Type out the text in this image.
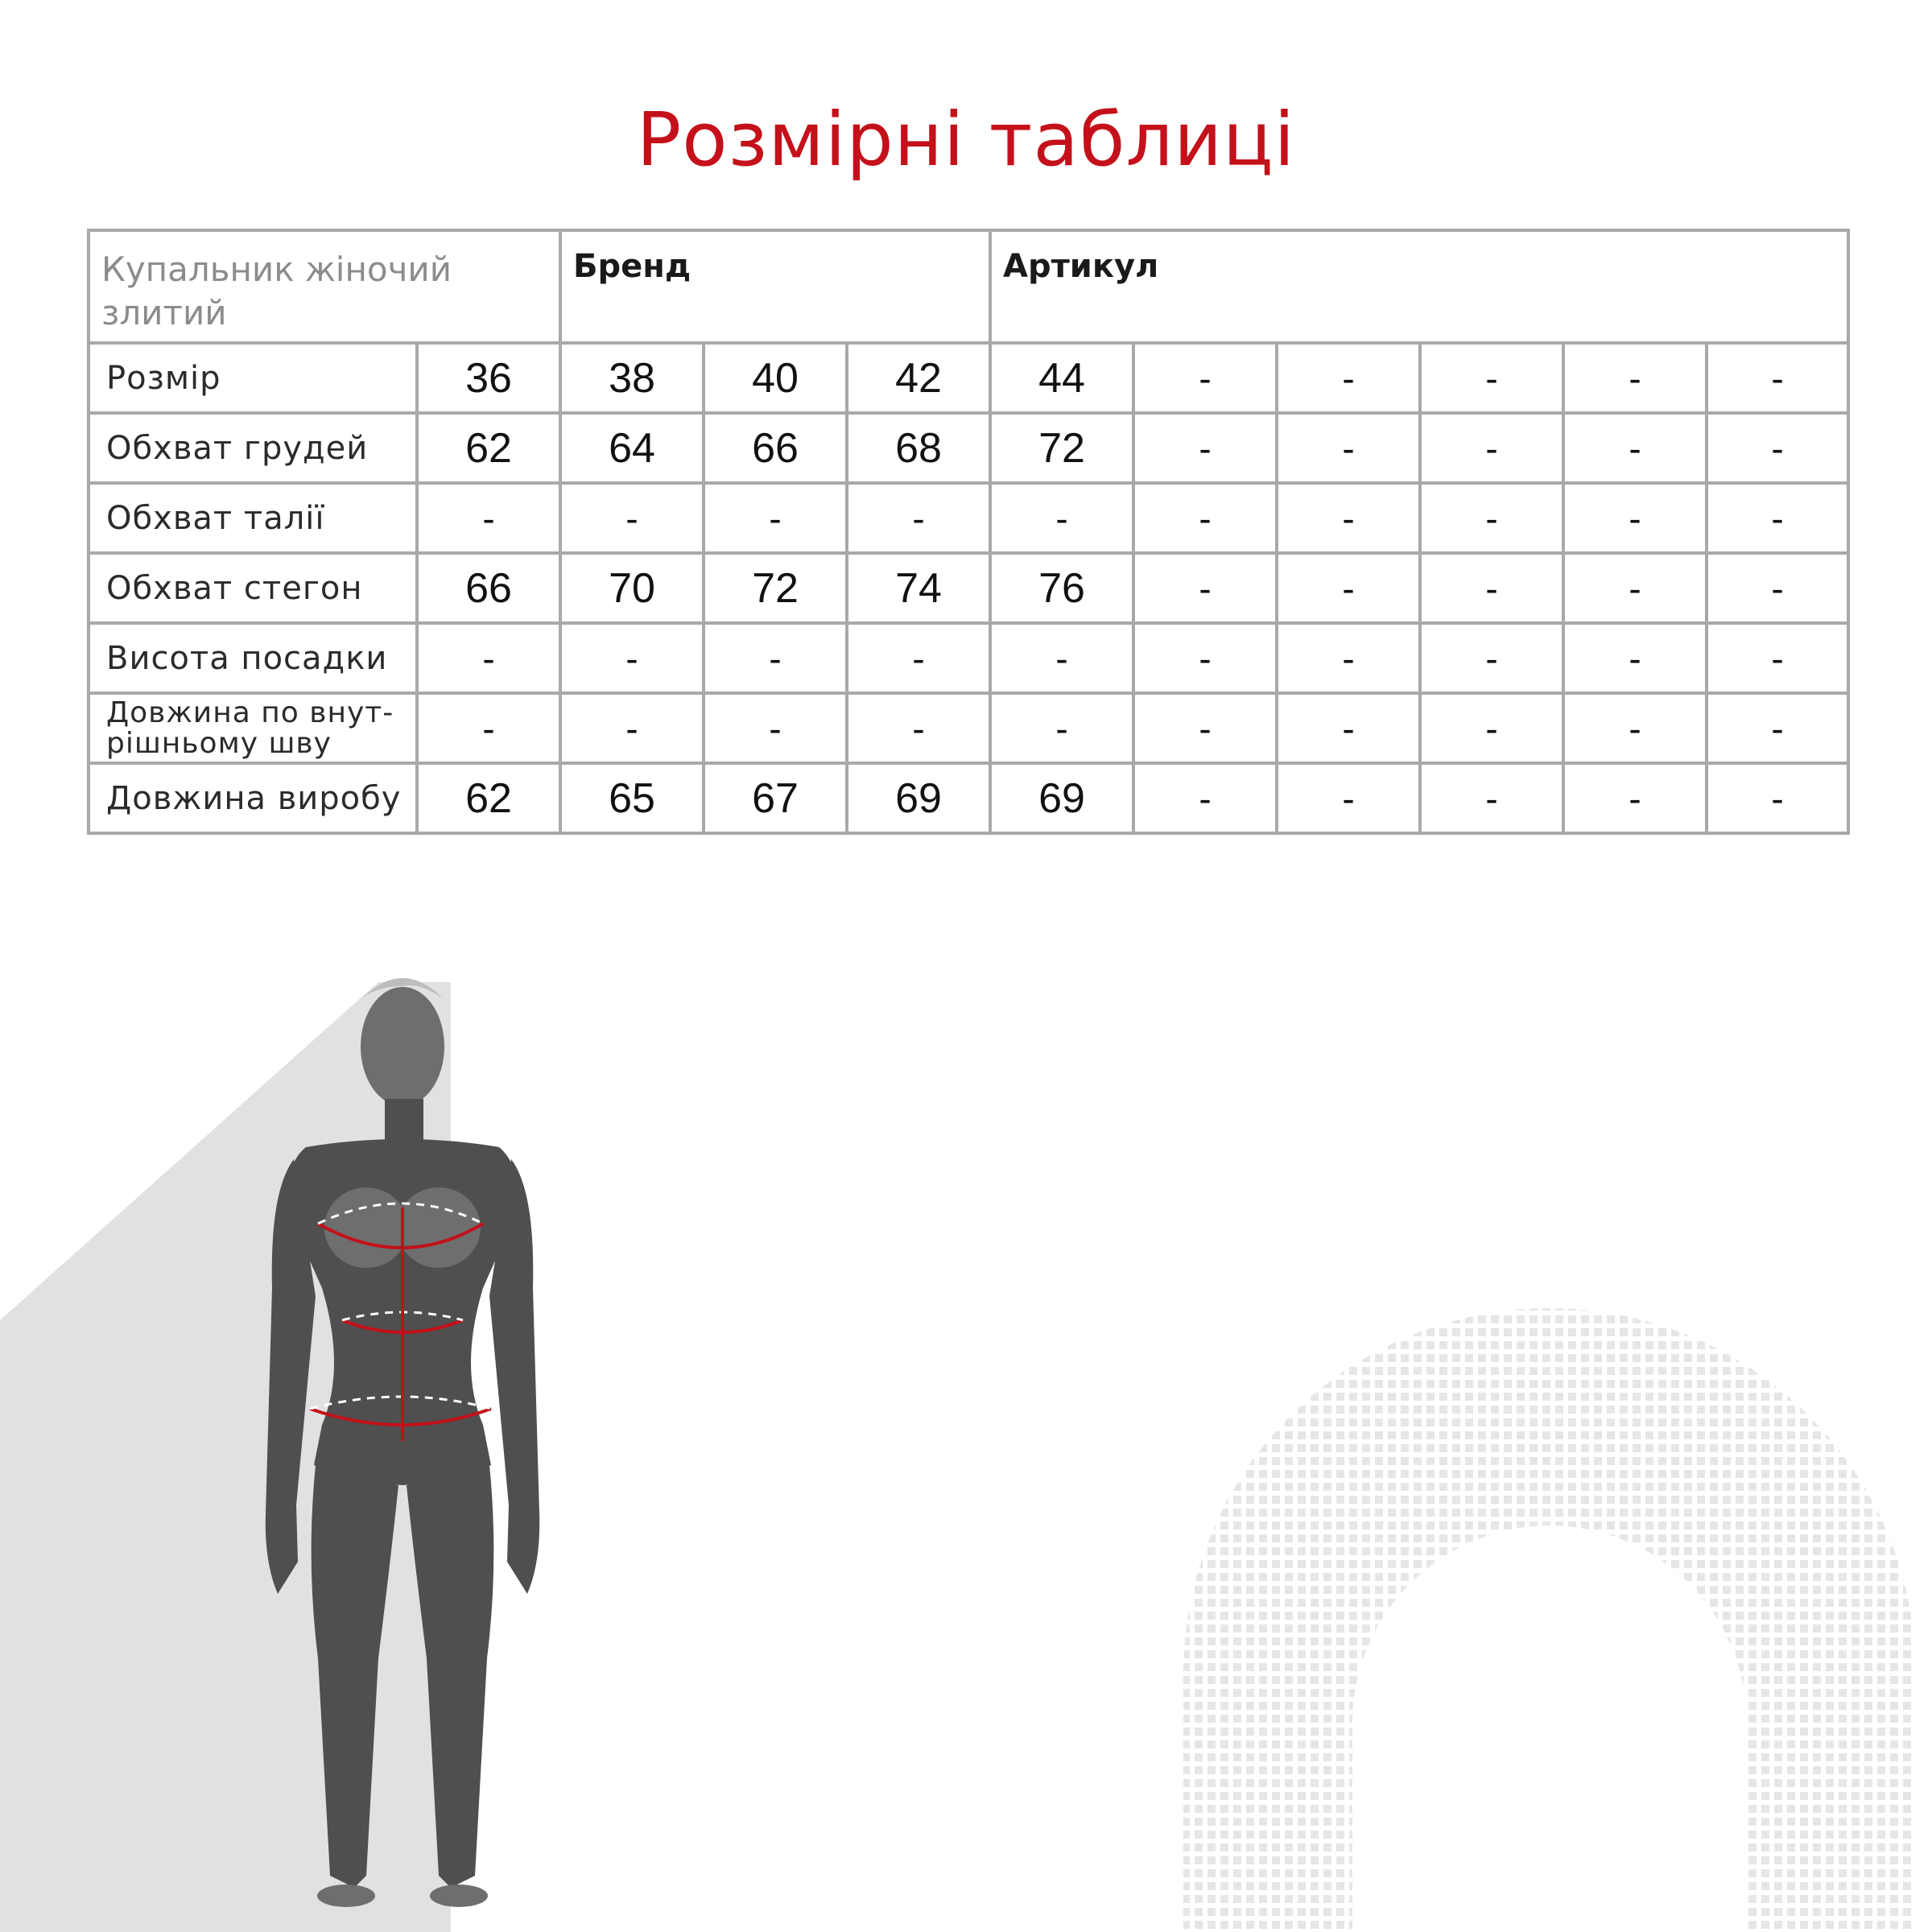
Розмірні таблиці
Купальник жіночий злитий		Бренд			Артикул					
Розмір	36	38	40	42	44	-	-	-	-	-
Обхват грудей	62	64	66	68	72	-	-	-	-	-
Обхват талії	-	-	-	-	-	-	-	-	-	-
Обхват стегон	66	70	72	74	76	-	-	-	-	-
Висота посадки	-	-	-	-	-	-	-	-	-	-
Довжина по внут-рішньому шву	-	-	-	-	-	-	-	-	-	-
Довжина виробу	62	65	67	69	69	-	-	-	-	-
